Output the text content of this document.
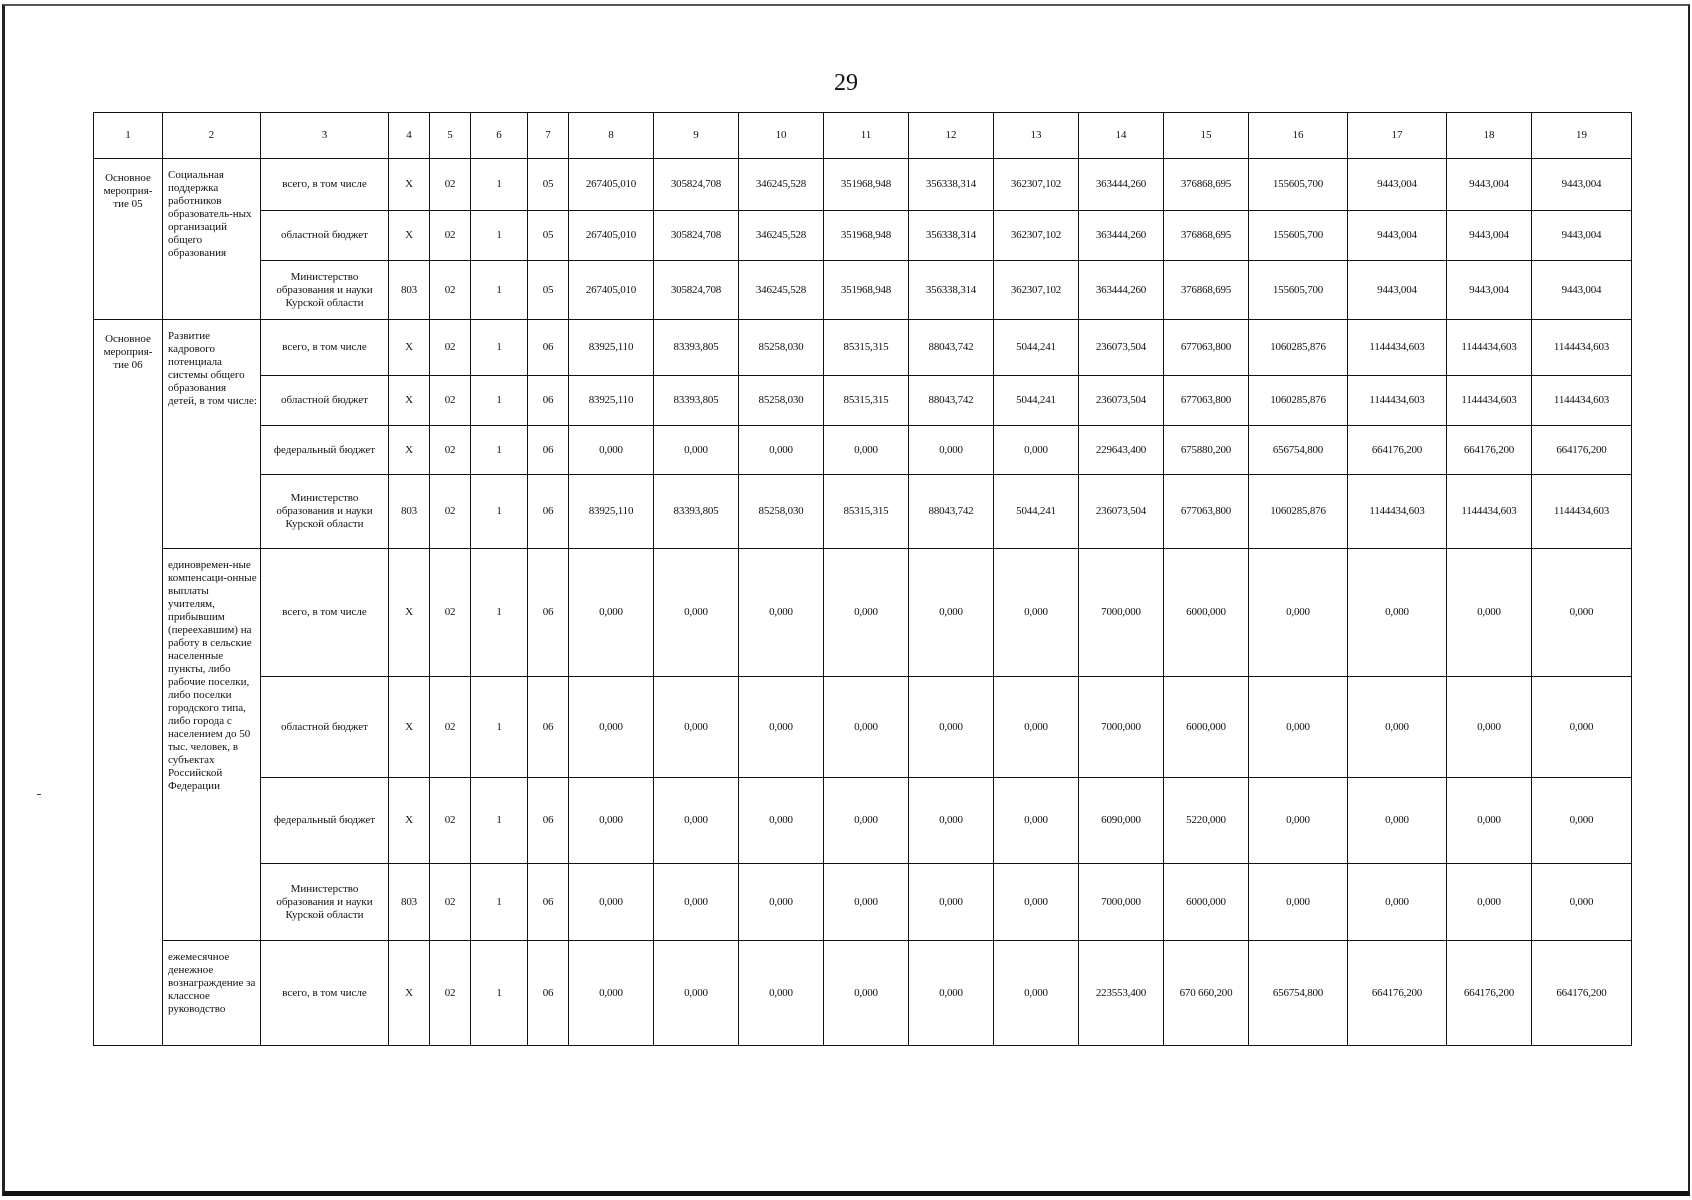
29
1	2	3	4	5	6	7	8	9	10	11	12	13	14	15	16	17	18	19
Основное мероприя-тие 05	Социальная поддержка работников образователь-ных организаций общего образования	всего, в том числе	X	02	1	05	267405,010	305824,708	346245,528	351968,948	356338,314	362307,102	363444,260	376868,695	155605,700	9443,004	9443,004	9443,004
		областной бюджет	X	02	1	05	267405,010	305824,708	346245,528	351968,948	356338,314	362307,102	363444,260	376868,695	155605,700	9443,004	9443,004	9443,004
		Министерство образования и науки Курской области	803	02	1	05	267405,010	305824,708	346245,528	351968,948	356338,314	362307,102	363444,260	376868,695	155605,700	9443,004	9443,004	9443,004
Основное мероприя-тие 06	Развитие кадрового потенциала системы общего образования детей, в том числе:	всего, в том числе	X	02	1	06	83925,110	83393,805	85258,030	85315,315	88043,742	5044,241	236073,504	677063,800	1060285,876	1144434,603	1144434,603	1144434,603
		областной бюджет	X	02	1	06	83925,110	83393,805	85258,030	85315,315	88043,742	5044,241	236073,504	677063,800	1060285,876	1144434,603	1144434,603	1144434,603
		федеральный бюджет	X	02	1	06	0,000	0,000	0,000	0,000	0,000	0,000	229643,400	675880,200	656754,800	664176,200	664176,200	664176,200
		Министерство образования и науки Курской области	803	02	1	06	83925,110	83393,805	85258,030	85315,315	88043,742	5044,241	236073,504	677063,800	1060285,876	1144434,603	1144434,603	1144434,603
	единовремен-ные компенсаци-онные выплаты учителям, прибывшим (переехавшим) на работу в сельские населенные пункты, либо рабочие поселки, либо поселки городского типа, либо города с населением до 50 тыс. человек, в субъектах Российской Федерации	всего, в том числе	X	02	1	06	0,000	0,000	0,000	0,000	0,000	0,000	7000,000	6000,000	0,000	0,000	0,000	0,000
		областной бюджет	X	02	1	06	0,000	0,000	0,000	0,000	0,000	0,000	7000,000	6000,000	0,000	0,000	0,000	0,000
		федеральный бюджет	X	02	1	06	0,000	0,000	0,000	0,000	0,000	0,000	6090,000	5220,000	0,000	0,000	0,000	0,000
		Министерство образования и науки Курской области	803	02	1	06	0,000	0,000	0,000	0,000	0,000	0,000	7000,000	6000,000	0,000	0,000	0,000	0,000
	ежемесячное денежное вознаграждение за классное руководство	всего, в том числе	X	02	1	06	0,000	0,000	0,000	0,000	0,000	0,000	223553,400	670 660,200	656754,800	664176,200	664176,200	664176,200
